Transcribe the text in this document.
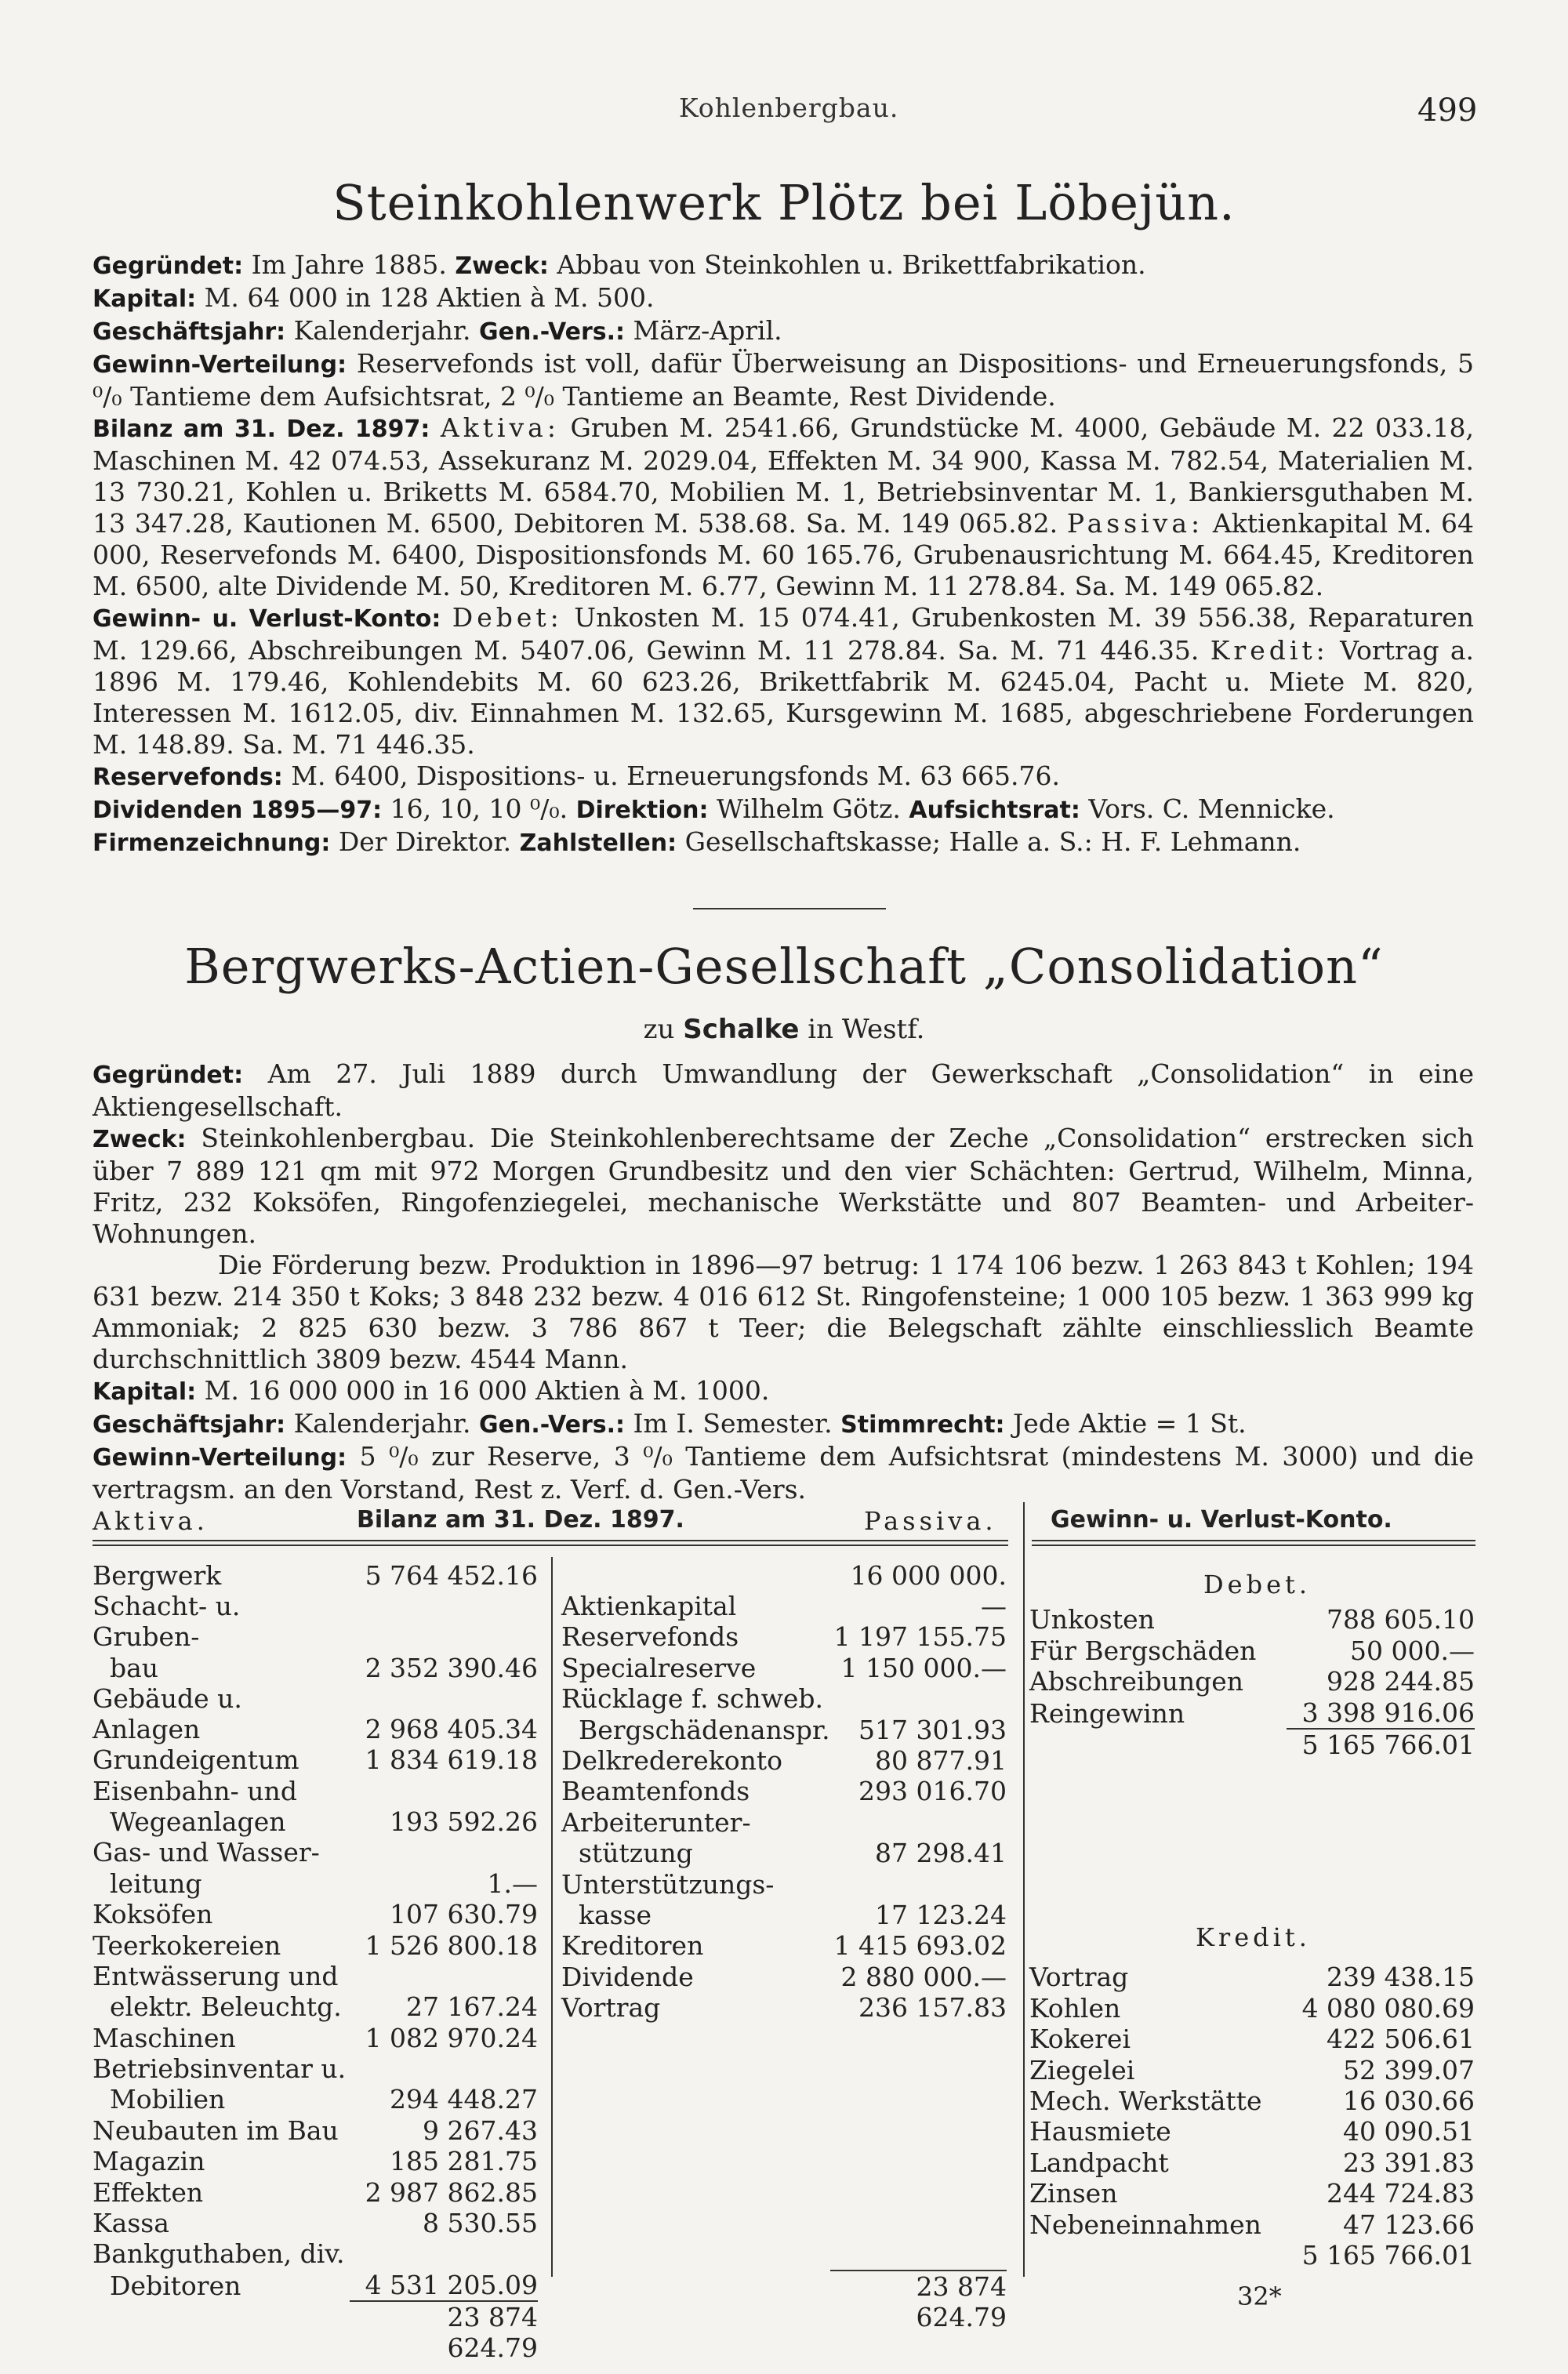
Kohlenbergbau.	499
Steinkohlenwerk Plötz bei Löbejün.

Gegründet: Im Jahre 1885. Zweck: Abbau von Steinkohlen u. Brikettfabrikation.

Kapital: M. 64 000 in 128 Aktien à M. 500.

Geschäftsjahr: Kalenderjahr. Gen.-Vers.: März-April.

Gewinn-Verteilung: Reservefonds ist voll, dafür Überweisung an Dispositions- und Erneuerungsfonds, 5 ⁰/₀ Tantieme dem Aufsichtsrat, 2 ⁰/₀ Tantieme an Beamte, Rest Dividende.

Bilanz am 31. Dez. 1897: Aktiva: Gruben M. 2541.66, Grundstücke M. 4000, Gebäude M. 22 033.18, Maschinen M. 42 074.53, Assekuranz M. 2029.04, Effekten M. 34 900, Kassa M. 782.54, Materialien M. 13 730.21, Kohlen u. Briketts M. 6584.70, Mobilien M. 1, Betriebsinventar M. 1, Bankiersguthaben M. 13 347.28, Kautionen M. 6500, Debitoren M. 538.68. Sa. M. 149 065.82. Passiva: Aktienkapital M. 64 000, Reservefonds M. 6400, Dispositionsfonds M. 60 165.76, Grubenausrichtung M. 664.45, Kreditoren M. 6500, alte Dividende M. 50, Kreditoren M. 6.77, Gewinn M. 11 278.84. Sa. M. 149 065.82.

Gewinn- u. Verlust-Konto: Debet: Unkosten M. 15 074.41, Grubenkosten M. 39 556.38, Reparaturen M. 129.66, Abschreibungen M. 5407.06, Gewinn M. 11 278.84. Sa. M. 71 446.35. Kredit: Vortrag a. 1896 M. 179.46, Kohlendebits M. 60 623.26, Brikettfabrik M. 6245.04, Pacht u. Miete M. 820, Interessen M. 1612.05, div. Einnahmen M. 132.65, Kursgewinn M. 1685, abgeschriebene Forderungen M. 148.89. Sa. M. 71 446.35.

Reservefonds: M. 6400, Dispositions- u. Erneuerungsfonds M. 63 665.76.

Dividenden 1895—97: 16, 10, 10 ⁰/₀. Direktion: Wilhelm Götz. Aufsichtsrat: Vors. C. Mennicke.

Firmenzeichnung: Der Direktor. Zahlstellen: Gesellschaftskasse; Halle a. S.: H. F. Lehmann.

Bergwerks-Actien-Gesellschaft „Consolidation“
zu Schalke in Westf.

Gegründet: Am 27. Juli 1889 durch Umwandlung der Gewerkschaft „Consolidation“ in eine Aktiengesellschaft.

Zweck: Steinkohlenbergbau. Die Steinkohlenberechtsame der Zeche „Consolidation“ erstrecken sich über 7 889 121 qm mit 972 Morgen Grundbesitz und den vier Schächten: Gertrud, Wilhelm, Minna, Fritz, 232 Koksöfen, Ringofenziegelei, mechanische Werkstätte und 807 Beamten- und Arbeiter-Wohnungen.

Die Förderung bezw. Produktion in 1896—97 betrug: 1 174 106 bezw. 1 263 843 t Kohlen; 194 631 bezw. 214 350 t Koks; 3 848 232 bezw. 4 016 612 St. Ringofensteine; 1 000 105 bezw. 1 363 999 kg Ammoniak; 2 825 630 bezw. 3 786 867 t Teer; die Belegschaft zählte einschliesslich Beamte durchschnittlich 3809 bezw. 4544 Mann.

Kapital: M. 16 000 000 in 16 000 Aktien à M. 1000.

Geschäftsjahr: Kalenderjahr. Gen.-Vers.: Im I. Semester. Stimmrecht: Jede Aktie = 1 St.

Gewinn-Verteilung: 5 ⁰/₀ zur Reserve, 3 ⁰/₀ Tantieme dem Aufsichtsrat (mindestens M. 3000) und die vertragsm. an den Vorstand, Rest z. Verf. d. Gen.-Vers.

Aktiva.	Bilanz am 31. Dez. 1897.	Passiva. Gewinn- u. Verlust-Konto.
Bergwerk	5 764 452.16
Schacht- u. Gruben-	
bau	2 352 390.46
Gebäude u. Anlagen	2 968 405.34
Grundeigentum	1 834 619.18
Eisenbahn- und	
Wegeanlagen	193 592.26
Gas- und Wasser-	
leitung	1.—
Koksöfen	107 630.79
Teerkokereien	1 526 800.18
Entwässerung und	
elektr. Beleuchtg.	27 167.24
Maschinen	1 082 970.24
Betriebsinventar u.	
Mobilien	294 448.27
Neubauten im Bau	9 267.43
Magazin	185 281.75
Effekten	2 987 862.85
Kassa	8 530.55
Bankguthaben, div.	
Debitoren	4 531 205.09
	23 874 624.79
Aktienkapital	16 000 000.—
Reservefonds	1 197 155.75
Specialreserve	1 150 000.—
Rücklage f. schweb.	
Bergschädenanspr.	517 301.93
Delkrederekonto	80 877.91
Beamtenfonds	293 016.70
Arbeiterunter-	
stützung	87 298.41
Unterstützungs-	
kasse	17 123.24
Kreditoren	1 415 693.02
Dividende	2 880 000.—
Vortrag	236 157.83

	23 874 624.79
Debet.
Unkosten	788 605.10
Für Bergschäden	50 000.—
Abschreibungen	928 244.85
Reingewinn	3 398 916.06
	5 165 766.01
Kredit.
Vortrag	239 438.15
Kohlen	4 080 080.69
Kokerei	422 506.61
Ziegelei	52 399.07
Mech. Werkstätte	16 030.66
Hausmiete	40 090.51
Landpacht	23 391.83
Zinsen	244 724.83
Nebeneinnahmen	47 123.66
	5 165 766.01
32*
